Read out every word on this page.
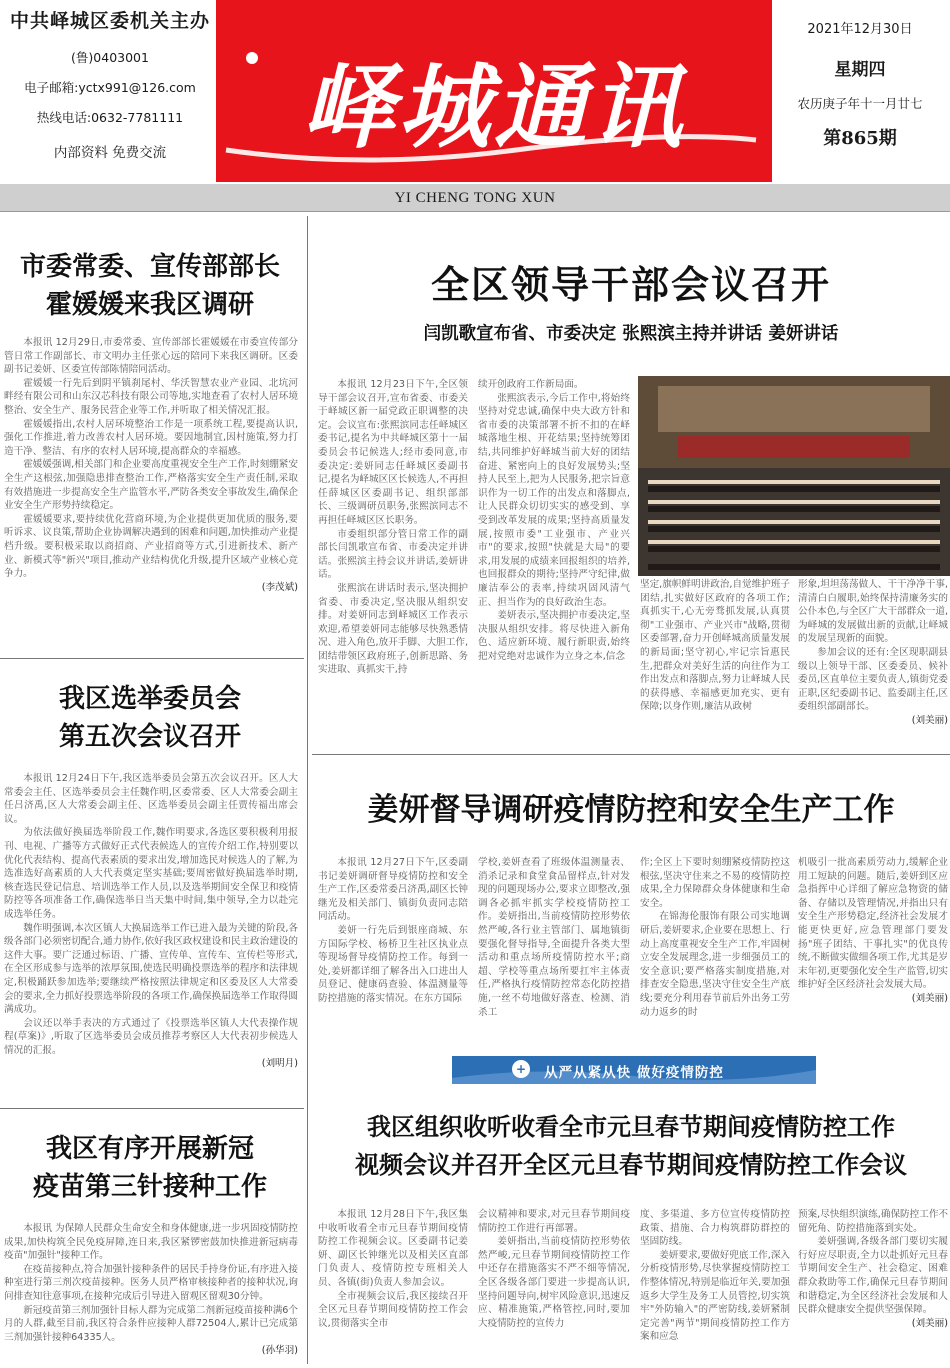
中共峄城区委机关主办
(鲁)0403001
电子邮箱:yctx991@126.com
热线电话:0632-7781111
内部资料 免费交流	峄城通讯
2021年12月30日
星期四
农历庚子年十一月廿七
第865期
YI CHENG TONG XUN
市委常委、宣传部部长
霍媛媛来我区调研

本报讯 12月29日,市委常委、宣传部部长霍媛媛在市委宣传部分管日常工作副部长、市文明办主任张心远的陪同下来我区调研。区委副书记姜妍、区委宣传部陈情陪同活动。

霍媛媛一行先后到阴平镇刹尾村、华沃智慧农业产业园、北坑河畔经有限公司和山东汉芯科技有限公司等地,实地查看了农村人居环境整治、安全生产、服务民营企业等工作,并听取了相关情况汇报。

霍媛媛指出,农村人居环境整治工作是一项系统工程,要提高认识,强化工作推进,着力改善农村人居环境。要因地制宜,因村施策,努力打造干净、整洁、有序的农村人居环境,提高群众的幸福感。

霍媛媛强调,相关部门和企业要高度重视安全生产工作,时刻绷紧安全生产这根弦,加强隐患排查整治工作,严格落实安全生产责任制,采取有效措施进一步提高安全生产监管水平,严防各类安全事故发生,确保企业安全生产形势持续稳定。

霍媛媛要求,要持续优化营商环境,为企业提供更加优质的服务,要听诉求、议良策,帮助企业协调解决遇到的困难和问题,加快推动产业提档升级。要积极采取以商招商、产业招商等方式,引进新技术、新产业、新模式等"新兴"项目,推动产业结构优化升级,提升区域产业核心竞争力。

(李茂斌)
我区选举委员会
第五次会议召开

本报讯 12月24日下午,我区选举委员会第五次会议召开。区人大常委会主任、区选举委员会主任魏作明,区委常委、区人大常委会副主任吕济禹,区人大常委会副主任、区选举委员会副主任贾传福出席会议。

为依法做好换届选举阶段工作,魏作明要求,各选区要积极利用报刊、电视、广播等方式做好正式代表候选人的宣传介绍工作,特别要以优化代表结构、提高代表素质的要求出发,增加选民对候选人的了解,为选准选好高素质的人大代表奠定坚实基础;要周密做好换届选举时期,核查选民登记信息、培训选举工作人员,以及选举期间安全保卫和疫情防控等各项准备工作,确保选举日当天集中时间,集中领导,全力以赴完成选举任务。

魏作明强调,本次区镇人大换届选举工作已进入最为关键的阶段,各级各部门必须密切配合,通力协作,依好我区政权建设和民主政治建设的这件大事。要广泛通过标语、广播、宣传单、宣传车、宣传栏等形式,在全区形成参与选举的浓厚氛围,使选民明确投票选举的程序和法律规定,积极踊跃参加选举;要继续严格按照法律规定和区委及区人大常委会的要求,全力抓好投票选举阶段的各项工作,确保换届选举工作取得圆满成功。

会议还以举手表决的方式通过了《投票选举区镇人大代表操作规程(草案)》,听取了区选举委员会成员推荐考察区人大代表初步候选人情况的汇报。

(刘明月)
我区有序开展新冠
疫苗第三针接种工作

本报讯 为保障人民群众生命安全和身体健康,进一步巩固疫情防控成果,加快构筑全民免疫屏障,连日来,我区紧锣密鼓加快推进新冠病毒疫苗"加强针"接种工作。

在疫苗接种点,符合加强针接种条件的居民手持身份证,有序进入接种室进行第三剂次疫苗接种。医务人员严格审核接种者的接种状况,询问排查知往意事项,在接种完成后引导进入留观区留观30分钟。

新冠疫苗第三剂加强针目标人群为完成第二剂新冠疫苗接种满6个月的人群,截至目前,我区符合条件应接种人群72504人,累计已完成第三剂加强针接种64335人。

(孙华羽)
全区领导干部会议召开
闫凯歌宣布省、市委决定 张熙滨主持并讲话 姜妍讲话

本报讯 12月23日下午,全区领导干部会议召开,宣布省委、市委关于峄城区新一届党政正职调整的决定。会议宣布:张熙滨同志任峄城区委书记,提名为中共峄城区第十一届委员会书记候选人;经市委同意,市委决定:姜妍同志任峄城区委副书记,提名为峄城区区长候选人,不再担任薛城区区委副书记、组织部部长、三级调研员职务,张熙滨同志不再担任峄城区区长职务。

市委组织部分管日常工作的副部长闫凯歌宣布省、市委决定并讲话。张熙滨主持会议并讲话,姜妍讲话。

张熙滨在讲话时表示,坚决拥护省委、市委决定,坚决服从组织安排。对姜妍同志到峄城区工作表示欢迎,希望姜妍同志能够尽快熟悉情况、进入角色,放开手脚、大胆工作,团结带领区政府班子,创新思路、务实进取、真抓实干,持

续开创政府工作新局面。

张熙滨表示,今后工作中,将始终坚持对党忠诚,确保中央大政方针和省市委的决策部署不折不扣的在峄城落地生根、开花结果;坚持统筹团结,共同维护好峄城当前大好的团结奋进、紧密向上的良好发展势头;坚持人民至上,把为人民服务,把宗旨意识作为一切工作的出发点和落脚点,让人民群众切切实实的感受到、享受到改革发展的成果;坚持高质量发展,按照市委"工业强市、产业兴市"的要求,按照"快就是大局"的要求,用发展的成绩来回报组织的培养,也回报群众的期待;坚持严守纪律,做廉洁奉公的表率,持续巩固风清气正、担当作为的良好政治生态。

姜妍表示,坚决拥护市委决定,坚决服从组织安排。将尽快进入新角色、适应新环境、履行新职责,始终把对党绝对忠诚作为立身之本,信念

坚定,旗帜鲜明讲政治,自觉维护班子团结,扎实做好区政府的各项工作;真抓实干,心无旁骛抓发展,认真贯彻"工业强市、产业兴市"战略,贯彻区委部署,奋力开创峄城高质量发展的新局面;坚守初心,牢记宗旨惠民生,把群众对美好生活的向往作为工作出发点和落脚点,努力让峄城人民的获得感、幸福感更加充实、更有保障;以身作则,廉洁从政树

形象,坦坦荡荡做人、干干净净干事,清清白白履职,始终保持清廉务实的公仆本色,与全区广大干部群众一道,为峄城的发展做出新的贡献,让峄城的发展呈现新的面貌。

参加会议的还有:全区现职副县级以上领导干部、区委委员、候补委员,区直单位主要负责人,镇街党委正职,区纪委副书记、监委副主任,区委组织部副部长。

(刘美丽)
姜妍督导调研疫情防控和安全生产工作

本报讯 12月27日下午,区委副书记姜妍调研督导疫情防控和安全生产工作,区委常委吕济禹,副区长钟继光及相关部门、镇街负责同志陪同活动。

姜妍一行先后到银座商城、东方国际学校、杨桥卫生社区执业点等现场督导疫情防控工作。每到一处,姜妍都详细了解各出入口进出人员登记、健康码查验、体温测量等防控措施的落实情况。在东方国际

学校,姜妍查看了班级体温测量表、消杀记录和食堂食品留样点,针对发现的问题现场办公,要求立即整改,强调各必抓牢抓实学校疫情防控工作。姜妍指出,当前疫情防控形势依然严峻,各行业主管部门、属地镇街要强化督导指导,全面提升各类大型活动和重点场所疫情防控水平;商超、学校等重点场所要扛牢主体责任,严格执行疫情防控常态化防控措施,一丝不苟地做好落查、检测、消杀工

作;全区上下要时刻绷紧疫情防控这根弦,坚决守住来之不易的疫情防控成果,全力保障群众身体健康和生命安全。

在锦海伦服饰有限公司实地调研后,姜妍要求,企业要在思想上、行动上高度重视安全生产工作,牢固树立安全发展理念,进一步细强员工的安全意识;要严格落实制度措施,对排查安全隐患,坚决守住安全生产底线;要充分利用春节前后外出务工劳动力返乡的时

机吸引一批高素质劳动力,缓解企业用工短缺的问题。随后,姜妍到区应急指挥中心详细了解应急物资的储备、存储以及管理情况,并指出只有安全生产形势稳定,经济社会发展才能更快更好,应急管理部门要发扬"班子团结、干事扎实"的优良传统,不断做实做细各项工作,尤其是岁末年初,更要强化安全生产监管,切实维护好全区经济社会发展大局。

(刘美丽)
从严从紧从快 做好疫情防控
+
我区组织收听收看全市元旦春节期间疫情防控工作
视频会议并召开全区元旦春节期间疫情防控工作会议

本报讯 12月28日下午,我区集中收听收看全市元旦春节期间疫情防控工作视频会议。区委副书记姜妍、副区长钟继光以及相关区直部门负责人、疫情防控专班相关人员、各镇(街)负责人参加会议。

全市视频会议后,我区接续召开全区元旦春节期间疫情防控工作会议,贯彻落实全市

会议精神和要求,对元旦春节期间疫情防控工作进行再部署。

姜妍指出,当前疫情防控形势依然严峻,元旦春节期间疫情防控工作中还存在措施落实不严不细等情况,全区各级各部门要进一步提高认识,坚持问题导向,树牢风险意识,迅速反应、精准施策,严格管控,同时,要加大疫情防控的宣传力

度、多渠道、多方位宣传疫情防控政策、措施、合力构筑群防群控的坚固防线。

姜妍要求,要做好兜底工作,深入分析疫情形势,尽快掌握疫情防控工作整体情况,特别是临近年关,要加强返乡大学生及务工人员管控,切实筑牢"外防输入"的严密防线,姜妍紧制定完善"两节"期间疫情防控工作方案和应急

预案,尽快组织演练,确保防控工作不留死角、防控措施落到实处。

姜妍强调,各级各部门要切实履行好应尽职责,全力以赴抓好元旦春节期间安全生产、社会稳定、困难群众救助等工作,确保元旦春节期间和谐稳定,为全区经济社会发展和人民群众健康安全提供坚强保障。

(刘美丽)
